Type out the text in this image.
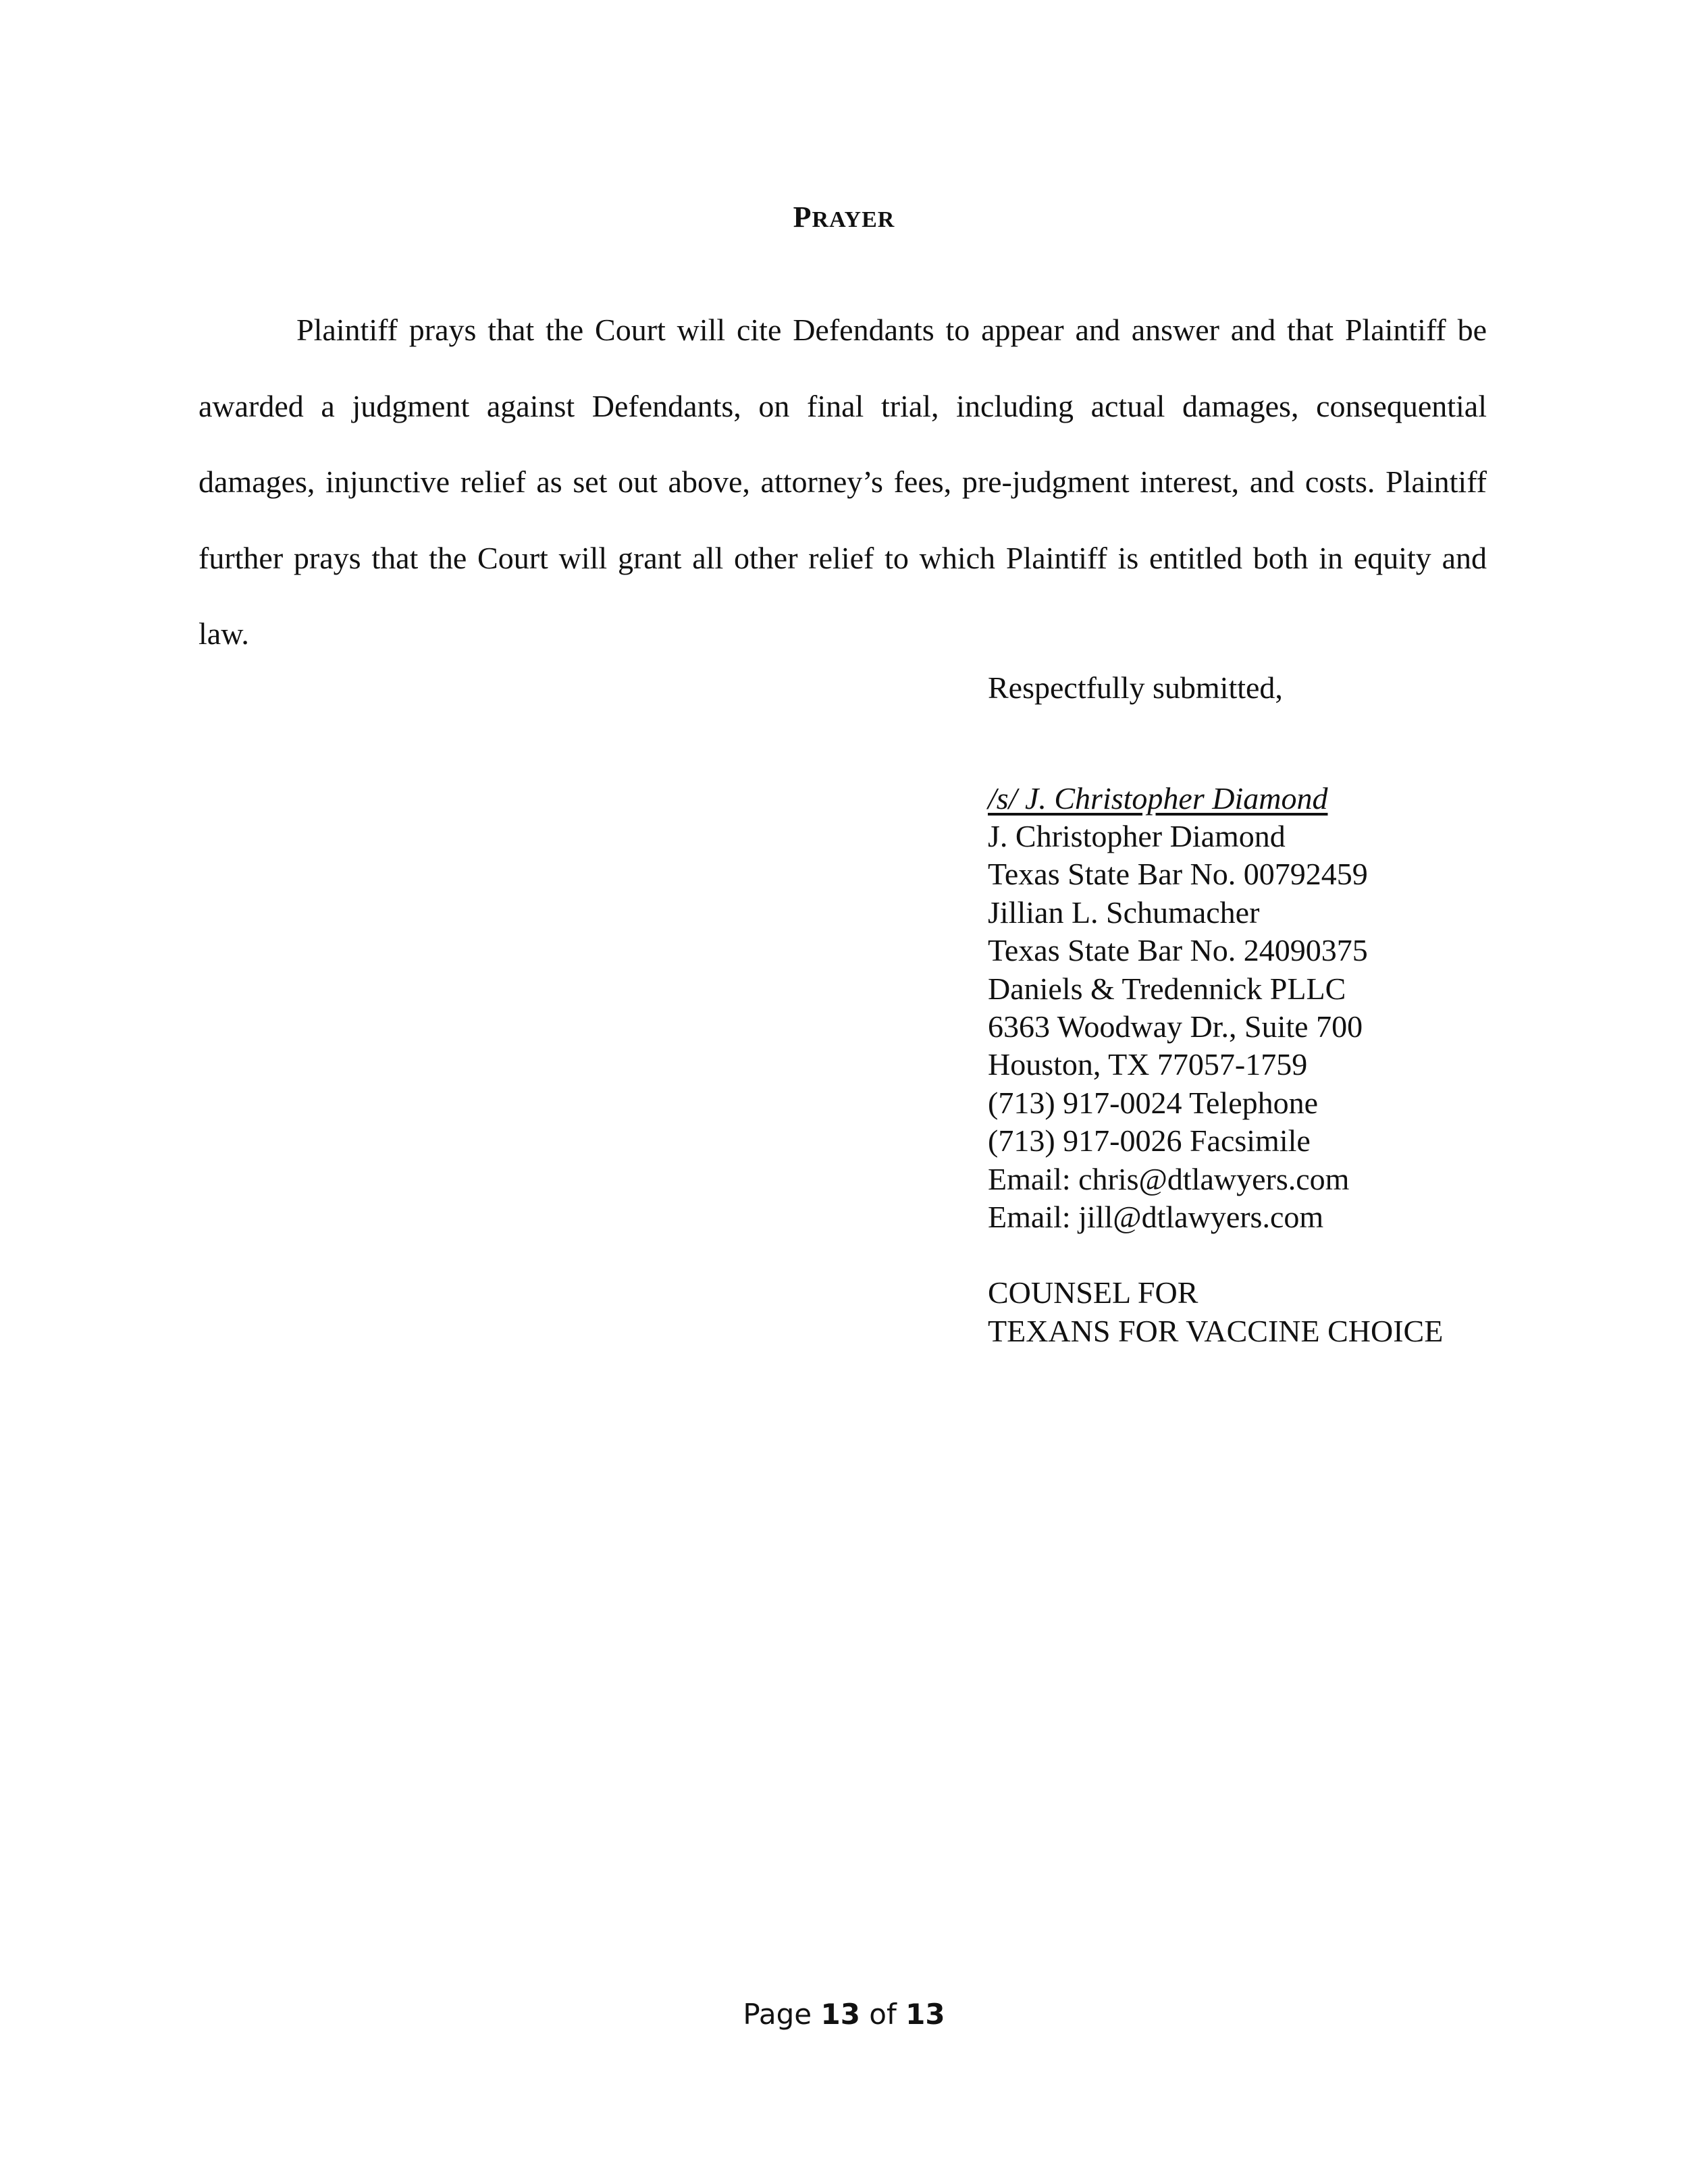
PRAYER

Plaintiff prays that the Court will cite Defendants to appear and answer and that Plaintiff be awarded a judgment against Defendants, on final trial, including actual damages, consequential damages, injunctive relief as set out above, attorney’s fees, pre-judgment interest, and costs. Plaintiff further prays that the Court will grant all other relief to which Plaintiff is entitled both in equity and law.

Respectfully submitted,

/s/ J. Christopher Diamond
J. Christopher Diamond
Texas State Bar No. 00792459
Jillian L. Schumacher
Texas State Bar No. 24090375
Daniels & Tredennick PLLC
6363 Woodway Dr., Suite 700
Houston, TX 77057-1759
(713) 917-0024 Telephone
(713) 917-0026 Facsimile
Email: chris@dtlawyers.com
Email: jill@dtlawyers.com
COUNSEL FOR
TEXANS FOR VACCINE CHOICE
Page 13 of 13
